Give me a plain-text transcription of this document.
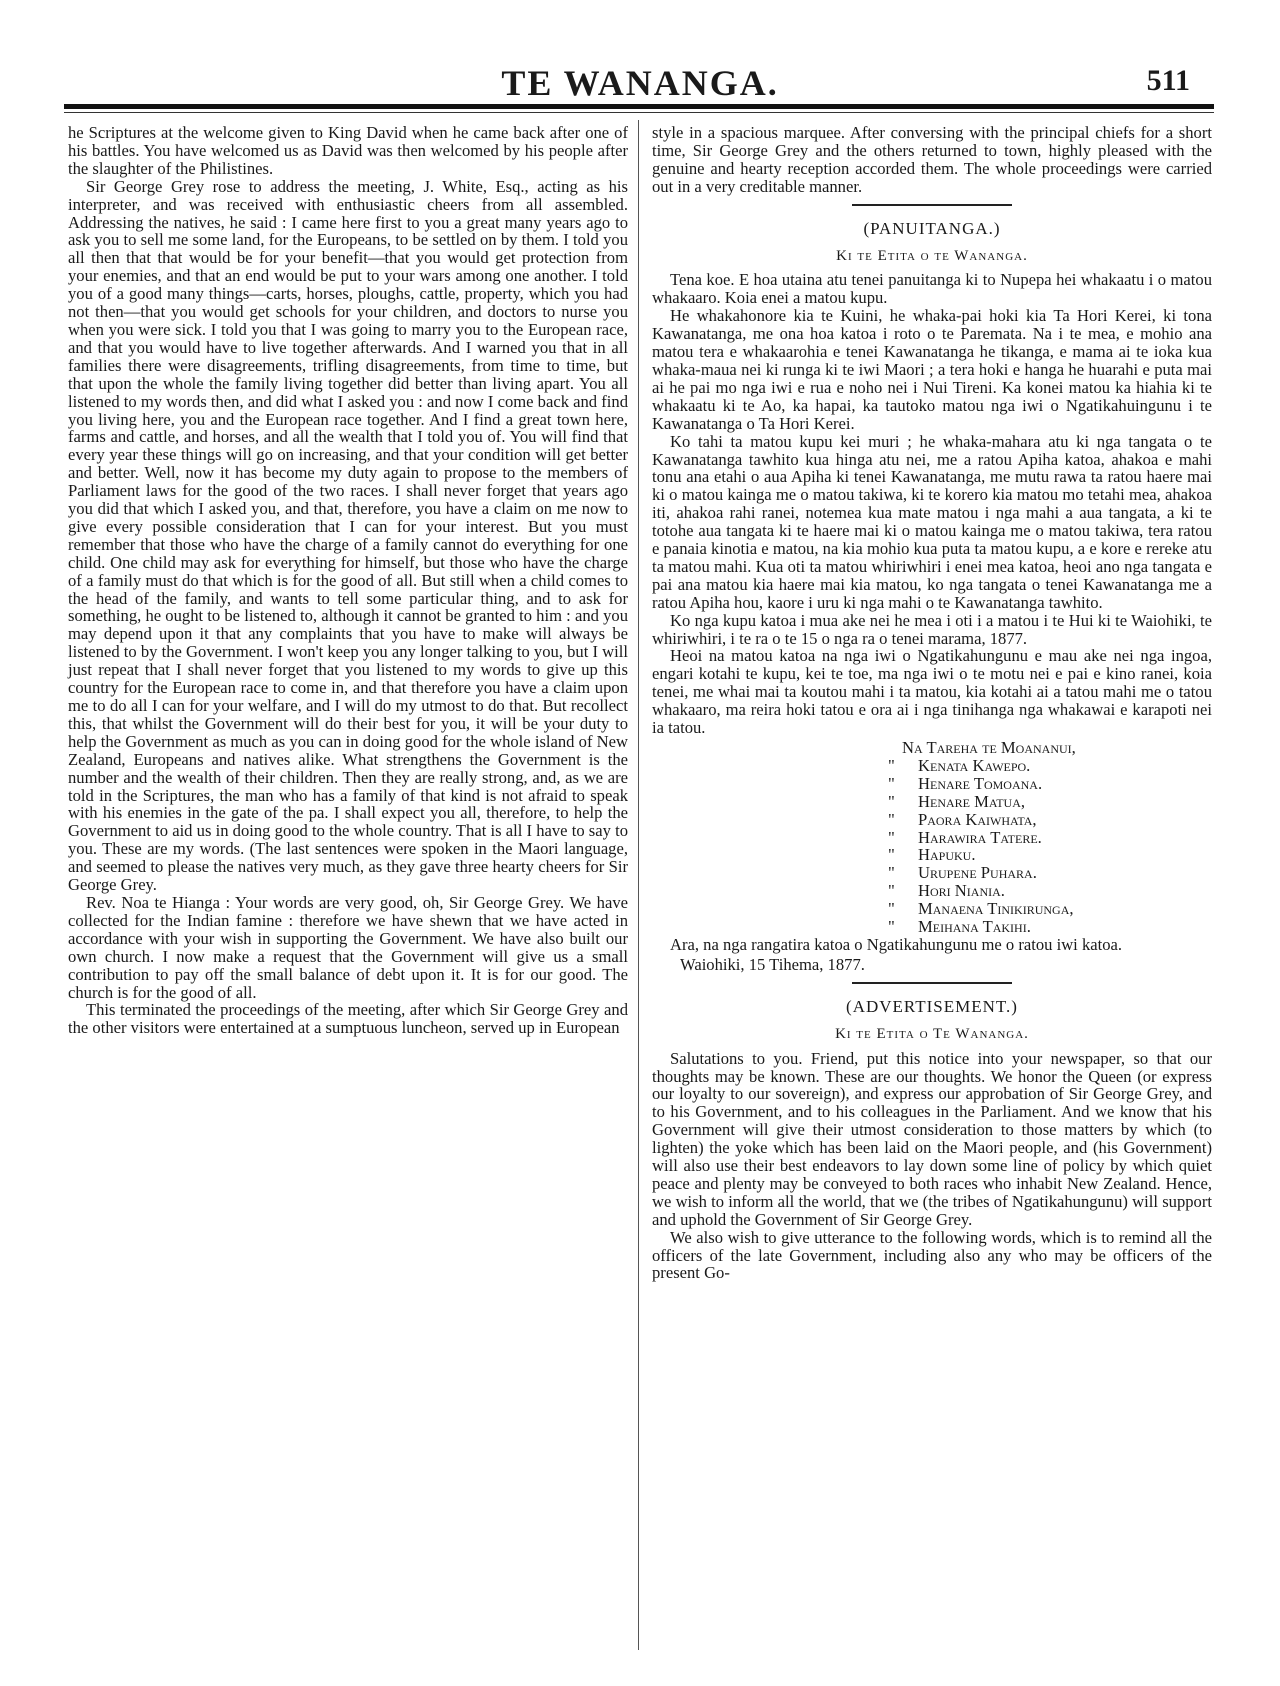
TE WANANGA.	511

he Scriptures at the welcome given to King David when he came back after one of his battles. You have welcomed us as David was then welcomed by his people after the slaughter of the Philistines.

Sir George Grey rose to address the meeting, J. White, Esq., acting as his interpreter, and was received with enthusiastic cheers from all assembled. Addressing the natives, he said : I came here first to you a great many years ago to ask you to sell me some land, for the Europeans, to be settled on by them. I told you all then that that would be for your benefit—that you would get protection from your enemies, and that an end would be put to your wars among one another. I told you of a good many things—carts, horses, ploughs, cattle, property, which you had not then—that you would get schools for your children, and doctors to nurse you when you were sick. I told you that I was going to marry you to the European race, and that you would have to live together afterwards. And I warned you that in all families there were disagreements, trifling disagreements, from time to time, but that upon the whole the family living together did better than living apart. You all listened to my words then, and did what I asked you : and now I come back and find you living here, you and the European race together. And I find a great town here, farms and cattle, and horses, and all the wealth that I told you of. You will find that every year these things will go on increasing, and that your condition will get better and better. Well, now it has become my duty again to propose to the members of Parliament laws for the good of the two races. I shall never forget that years ago you did that which I asked you, and that, therefore, you have a claim on me now to give every possible consideration that I can for your interest. But you must remember that those who have the charge of a family cannot do everything for one child. One child may ask for everything for himself, but those who have the charge of a family must do that which is for the good of all. But still when a child comes to the head of the family, and wants to tell some particular thing, and to ask for something, he ought to be listened to, although it cannot be granted to him : and you may depend upon it that any complaints that you have to make will always be listened to by the Government. I won't keep you any longer talking to you, but I will just repeat that I shall never forget that you listened to my words to give up this country for the European race to come in, and that therefore you have a claim upon me to do all I can for your welfare, and I will do my utmost to do that. But recollect this, that whilst the Government will do their best for you, it will be your duty to help the Government as much as you can in doing good for the whole island of New Zealand, Europeans and natives alike. What strengthens the Government is the number and the wealth of their children. Then they are really strong, and, as we are told in the Scriptures, the man who has a family of that kind is not afraid to speak with his enemies in the gate of the pa. I shall expect you all, therefore, to help the Government to aid us in doing good to the whole country. That is all I have to say to you. These are my words. (The last sentences were spoken in the Maori language, and seemed to please the natives very much, as they gave three hearty cheers for Sir George Grey.

Rev. Noa te Hianga : Your words are very good, oh, Sir George Grey. We have collected for the Indian famine : therefore we have shewn that we have acted in accordance with your wish in supporting the Government. We have also built our own church. I now make a request that the Government will give us a small contribution to pay off the small balance of debt upon it. It is for our good. The church is for the good of all.

This terminated the proceedings of the meeting, after which Sir George Grey and the other visitors were entertained at a sumptuous luncheon, served up in European

style in a spacious marquee. After conversing with the principal chiefs for a short time, Sir George Grey and the others returned to town, highly pleased with the genuine and hearty reception accorded them. The whole proceedings were carried out in a very creditable manner.

(PANUITANGA.)
Ki te Etita o te Wananga.

Tena koe. E hoa utaina atu tenei panuitanga ki to Nupepa hei whakaatu i o matou whakaaro. Koia enei a matou kupu.

He whakahonore kia te Kuini, he whaka-pai hoki kia Ta Hori Kerei, ki tona Kawanatanga, me ona hoa katoa i roto o te Paremata. Na i te mea, e mohio ana matou tera e whakaarohia e tenei Kawanatanga he tikanga, e mama ai te ioka kua whaka-maua nei ki runga ki te iwi Maori ; a tera hoki e hanga he huarahi e puta mai ai he pai mo nga iwi e rua e noho nei i Nui Tireni. Ka konei matou ka hiahia ki te whakaatu ki te Ao, ka hapai, ka tautoko matou nga iwi o Ngatikahuingunu i te Kawanatanga o Ta Hori Kerei.

Ko tahi ta matou kupu kei muri ; he whaka-mahara atu ki nga tangata o te Kawanatanga tawhito kua hinga atu nei, me a ratou Apiha katoa, ahakoa e mahi tonu ana etahi o aua Apiha ki tenei Kawanatanga, me mutu rawa ta ratou haere mai ki o matou kainga me o matou takiwa, ki te korero kia matou mo tetahi mea, ahakoa iti, ahakoa rahi ranei, notemea kua mate matou i nga mahi a aua tangata, a ki te totohe aua tangata ki te haere mai ki o matou kainga me o matou takiwa, tera ratou e panaia kinotia e matou, na kia mohio kua puta ta matou kupu, a e kore e rereke atu ta matou mahi. Kua oti ta matou whiriwhiri i enei mea katoa, heoi ano nga tangata e pai ana matou kia haere mai kia matou, ko nga tangata o tenei Kawanatanga me a ratou Apiha hou, kaore i uru ki nga mahi o te Kawanatanga tawhito.

Ko nga kupu katoa i mua ake nei he mea i oti i a matou i te Hui ki te Waiohiki, te whiriwhiri, i te ra o te 15 o nga ra o tenei marama, 1877.

Heoi na matou katoa na nga iwi o Ngatikahungunu e mau ake nei nga ingoa, engari kotahi te kupu, kei te toe, ma nga iwi o te motu nei e pai e kino ranei, koia tenei, me whai mai ta koutou mahi i ta matou, kia kotahi ai a tatou mahi me o tatou whakaaro, ma reira hoki tatou e ora ai i nga tinihanga nga whakawai e karapoti nei ia tatou.

Na Tareha te Moananui,
" Kenata Kawepo.
" Henare Tomoana.
" Henare Matua,
" Paora Kaiwhata,
" Harawira Tatere.
" Hapuku.
" Urupene Puhara.
" Hori Niania.
" Manaena Tinikirunga,
" Meihana Takihi.

Ara, na nga rangatira katoa o Ngatikahungunu me o ratou iwi katoa.

Waiohiki, 15 Tihema, 1877.
(ADVERTISEMENT.)
Ki te Etita o Te Wananga.

Salutations to you. Friend, put this notice into your newspaper, so that our thoughts may be known. These are our thoughts. We honor the Queen (or express our loyalty to our sovereign), and express our approbation of Sir George Grey, and to his Government, and to his colleagues in the Parliament. And we know that his Government will give their utmost consideration to those matters by which (to lighten) the yoke which has been laid on the Maori people, and (his Government) will also use their best endeavors to lay down some line of policy by which quiet peace and plenty may be conveyed to both races who inhabit New Zealand. Hence, we wish to inform all the world, that we (the tribes of Ngatikahungunu) will support and uphold the Government of Sir George Grey.

We also wish to give utterance to the following words, which is to remind all the officers of the late Government, including also any who may be officers of the present Go-
